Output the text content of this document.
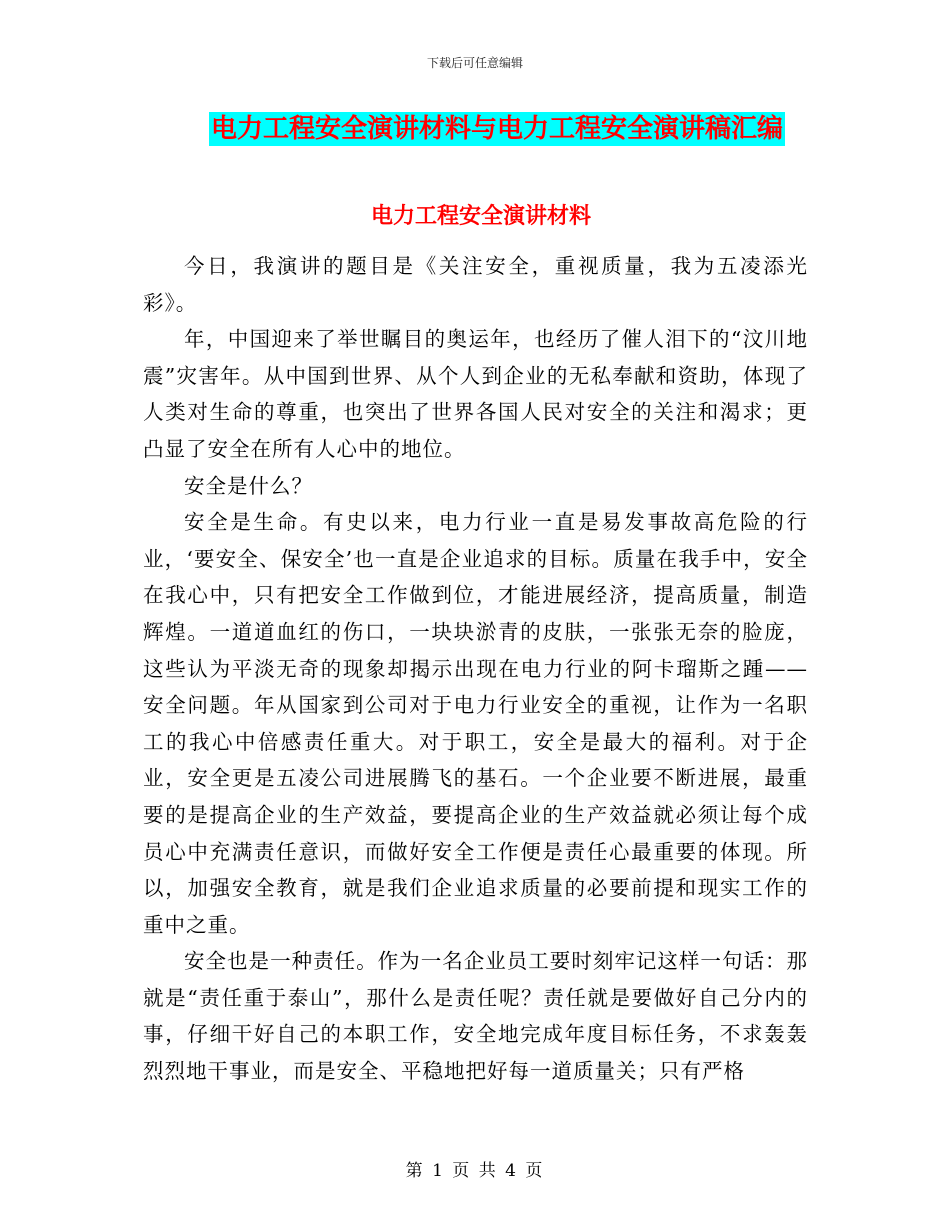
下载后可任意编辑
电力工程安全演讲材料与电力工程安全演讲稿汇编
电力工程安全演讲材料

今日，我演讲的题目是《关注安全，重视质量，我为五凌添光彩》。

年，中国迎来了举世瞩目的奥运年，也经历了催人泪下的“汶川地震”灾害年。从中国到世界、从个人到企业的无私奉献和资助，体现了人类对生命的尊重，也突出了世界各国人民对安全的关注和渴求；更凸显了安全在所有人心中的地位。

安全是什么？

安全是生命。有史以来，电力行业一直是易发事故高危险的行业，‘要安全、保安全’也一直是企业追求的目标。质量在我手中，安全在我心中，只有把安全工作做到位，才能进展经济，提高质量，制造辉煌。一道道血红的伤口，一块块淤青的皮肤，一张张无奈的脸庞，这些认为平淡无奇的现象却揭示出现在电力行业的阿卡瑠斯之踵——安全问题。年从国家到公司对于电力行业安全的重视，让作为一名职工的我心中倍感责任重大。对于职工，安全是最大的福利。对于企业，安全更是五凌公司进展腾飞的基石。一个企业要不断进展，最重要的是提高企业的生产效益，要提高企业的生产效益就必须让每个成员心中充满责任意识，而做好安全工作便是责任心最重要的体现。所以，加强安全教育，就是我们企业追求质量的必要前提和现实工作的重中之重。

安全也是一种责任。作为一名企业员工要时刻牢记这样一句话：那就是“责任重于泰山”，那什么是责任呢？责任就是要做好自己分内的事，仔细干好自己的本职工作，安全地完成年度目标任务，不求轰轰烈烈地干事业，而是安全、平稳地把好每一道质量关；只有严格

第 1 页 共 4 页
